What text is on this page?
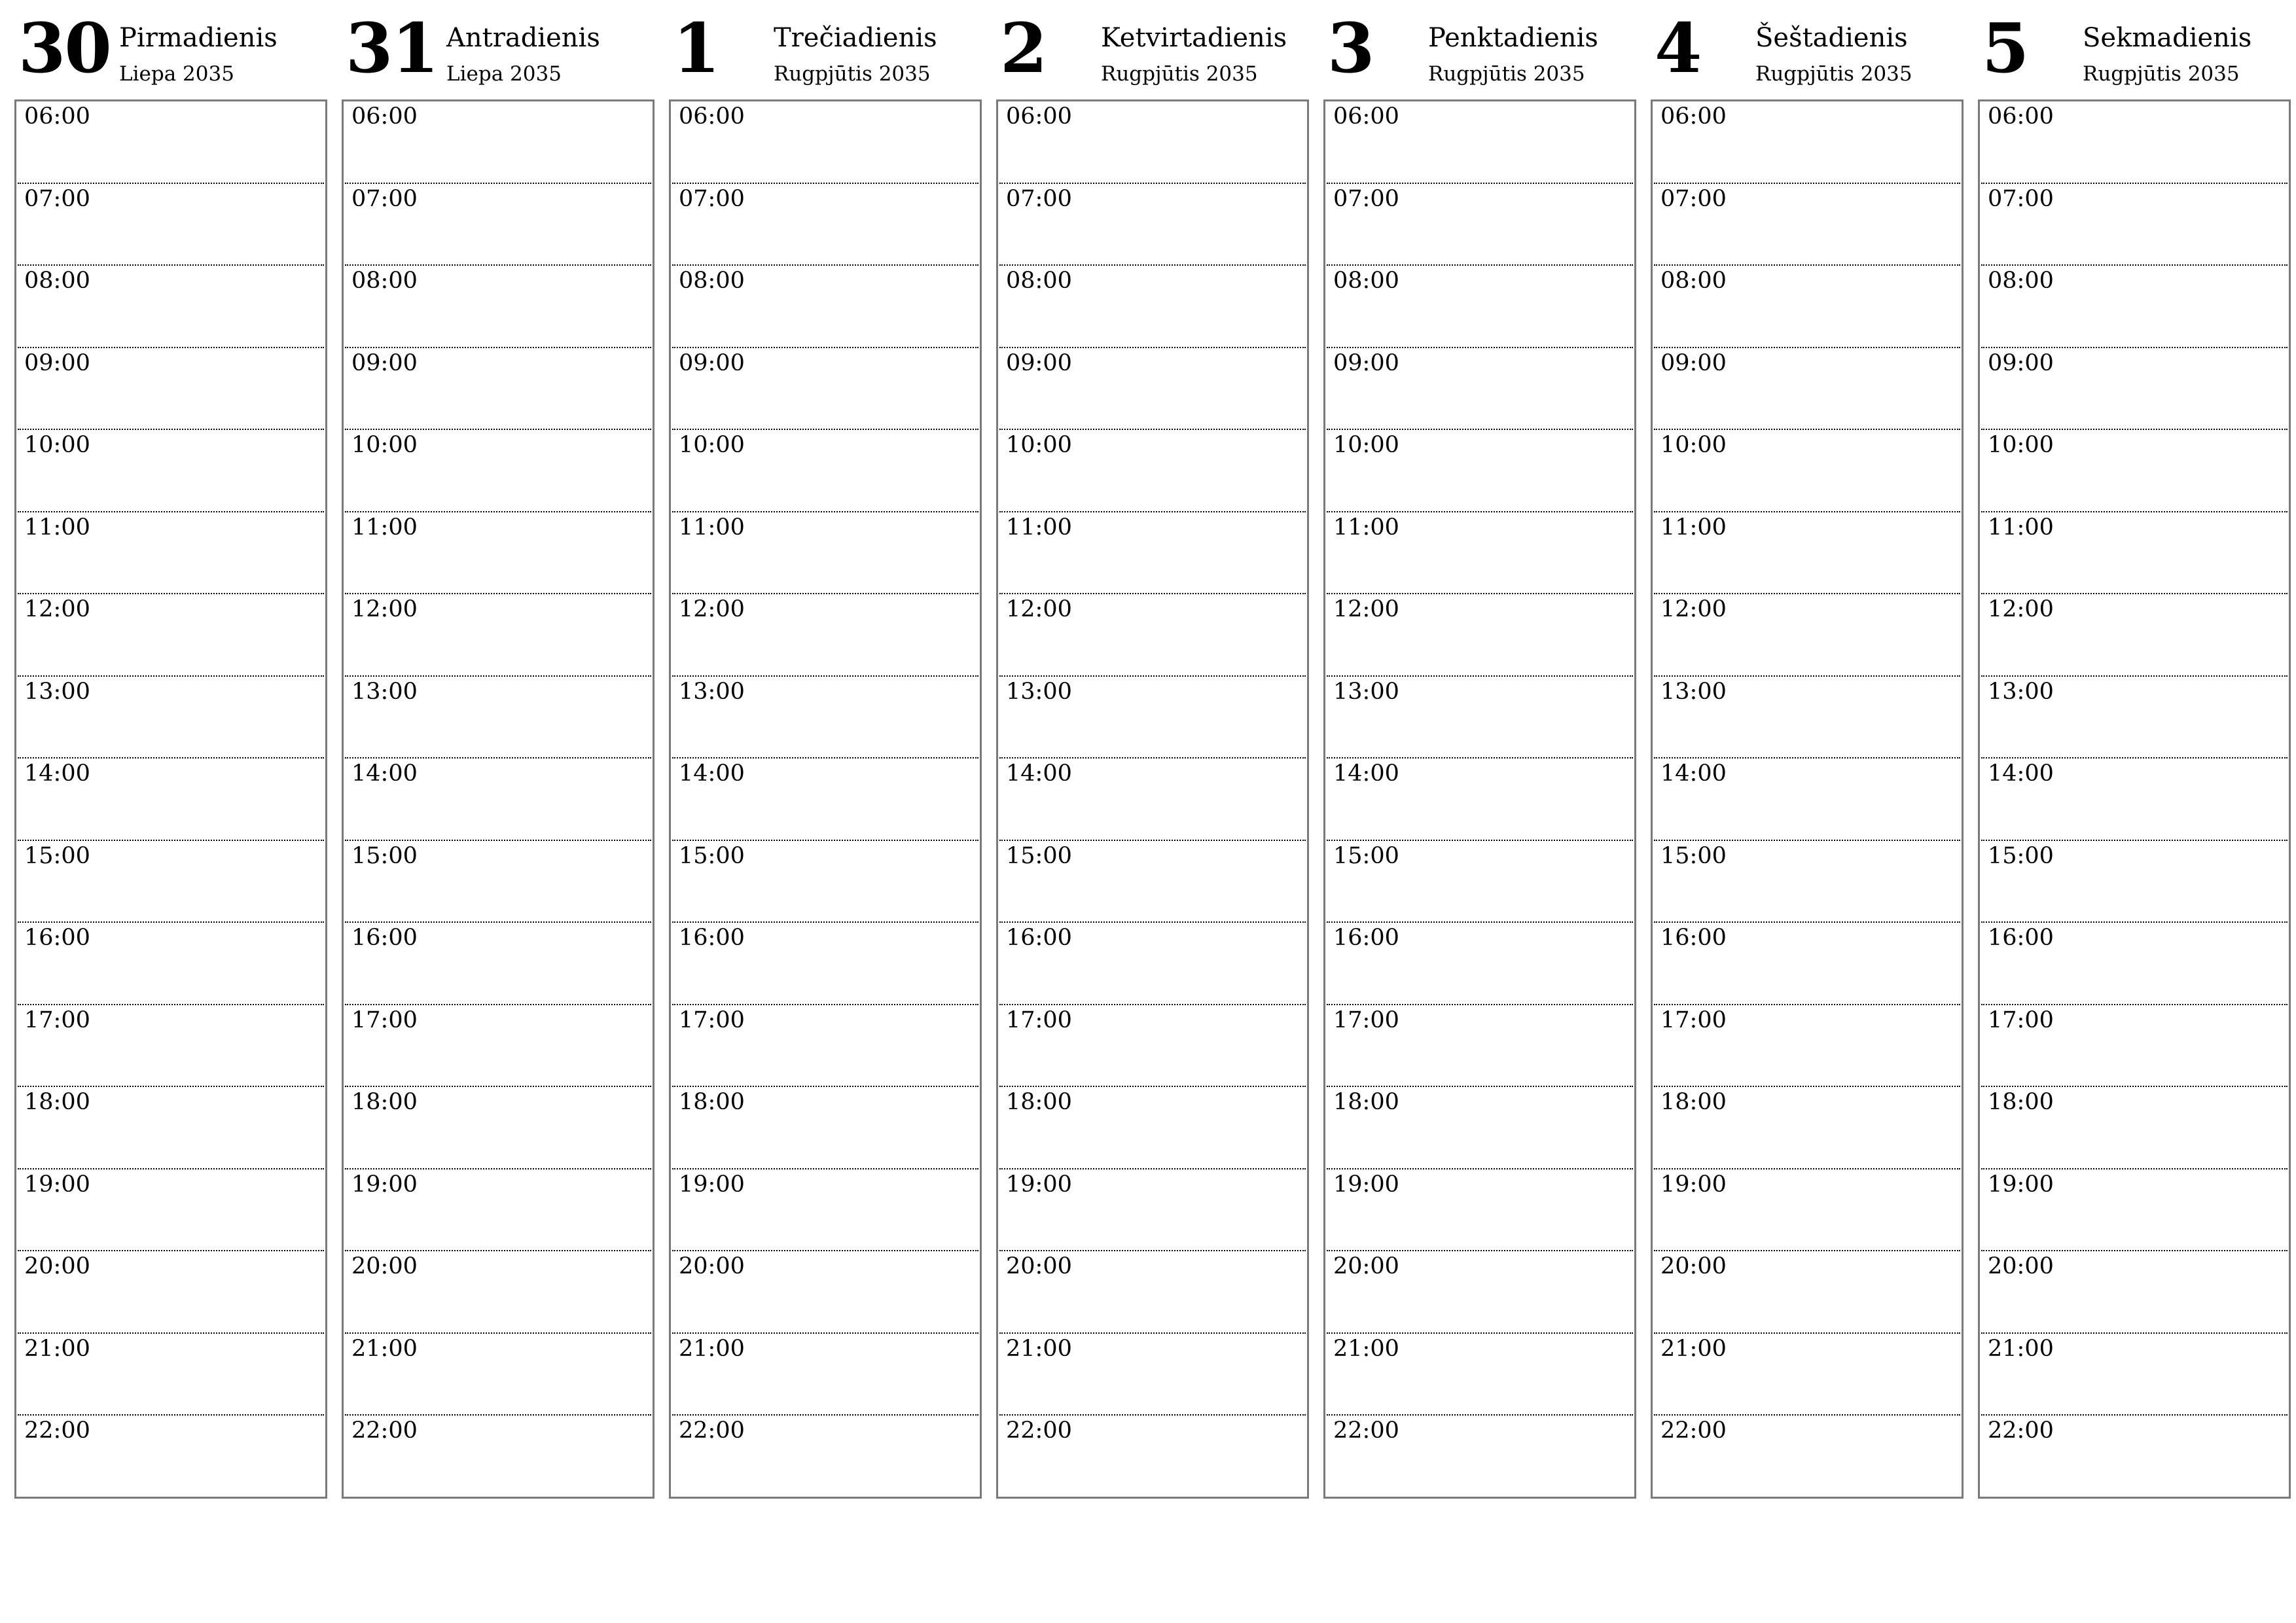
30 Pirmadienis
Liepa 2035
06:00
07:00
08:00
09:00
10:00
11:00
12:00
13:00
14:00
15:00
16:00
17:00
18:00
19:00
20:00
21:00
22:00
31 Antradienis
Liepa 2035
06:00
07:00
08:00
09:00
10:00
11:00
12:00
13:00
14:00
15:00
16:00
17:00
18:00
19:00
20:00
21:00
22:00
1 Trečiadienis
Rugpjūtis 2035
06:00
07:00
08:00
09:00
10:00
11:00
12:00
13:00
14:00
15:00
16:00
17:00
18:00
19:00
20:00
21:00
22:00
2 Ketvirtadienis
Rugpjūtis 2035
06:00
07:00
08:00
09:00
10:00
11:00
12:00
13:00
14:00
15:00
16:00
17:00
18:00
19:00
20:00
21:00
22:00
3 Penktadienis
Rugpjūtis 2035
06:00
07:00
08:00
09:00
10:00
11:00
12:00
13:00
14:00
15:00
16:00
17:00
18:00
19:00
20:00
21:00
22:00
4 Šeštadienis
Rugpjūtis 2035
06:00
07:00
08:00
09:00
10:00
11:00
12:00
13:00
14:00
15:00
16:00
17:00
18:00
19:00
20:00
21:00
22:00
5 Sekmadienis
Rugpjūtis 2035
06:00
07:00
08:00
09:00
10:00
11:00
12:00
13:00
14:00
15:00
16:00
17:00
18:00
19:00
20:00
21:00
22:00
